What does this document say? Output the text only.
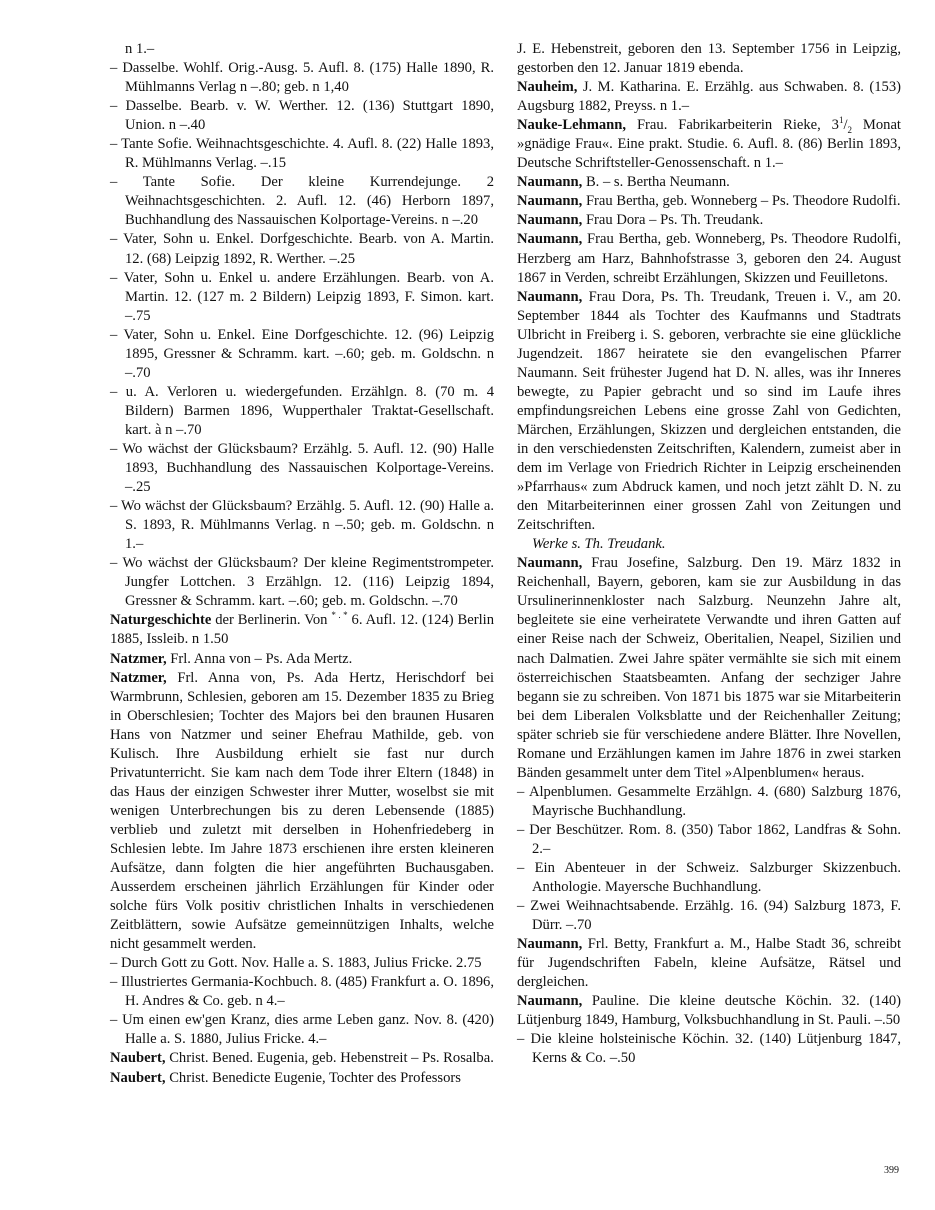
n 1.–

– Dasselbe. Wohlf. Orig.-Ausg. 5. Aufl. 8. (175) Halle 1890, R. Mühlmanns Verlag n –.80; geb. n 1,40

– Dasselbe. Bearb. v. W. Werther. 12. (136) Stuttgart 1890, Union. n –.40

– Tante Sofie. Weihnachtsgeschichte. 4. Aufl. 8. (22) Halle 1893, R. Mühlmanns Verlag. –.15

– Tante Sofie. Der kleine Kurrendejunge. 2 Weihnachtsgeschichten. 2. Aufl. 12. (46) Herborn 1897, Buchhandlung des Nassauischen Kolportage-Vereins. n –.20

– Vater, Sohn u. Enkel. Dorfgeschichte. Bearb. von A. Martin. 12. (68) Leipzig 1892, R. Werther. –.25

– Vater, Sohn u. Enkel u. andere Erzählungen. Bearb. von A. Martin. 12. (127 m. 2 Bildern) Leipzig 1893, F. Simon. kart. –.75

– Vater, Sohn u. Enkel. Eine Dorfgeschichte. 12. (96) Leipzig 1895, Gressner & Schramm. kart. –.60; geb. m. Goldschn. n –.70

– u. A. Verloren u. wiedergefunden. Erzählgn. 8. (70 m. 4 Bildern) Barmen 1896, Wupperthaler Traktat-Gesellschaft. kart. à n –.70

– Wo wächst der Glücksbaum? Erzählg. 5. Aufl. 12. (90) Halle 1893, Buchhandlung des Nassauischen Kolportage-Vereins. –.25

– Wo wächst der Glücksbaum? Erzählg. 5. Aufl. 12. (90) Halle a. S. 1893, R. Mühlmanns Verlag. n –.50; geb. m. Goldschn. n 1.–

– Wo wächst der Glücksbaum? Der kleine Regimentstrompeter. Jungfer Lottchen. 3 Erzählgn. 12. (116) Leipzig 1894, Gressner & Schramm. kart. –.60; geb. m. Goldschn. –.70

Naturgeschichte der Berlinerin. Von * . * 6. Aufl. 12. (124) Berlin 1885, Issleib. n 1.50

Natzmer, Frl. Anna von – Ps. Ada Mertz.

Natzmer, Frl. Anna von, Ps. Ada Hertz, Herischdorf bei Warmbrunn, Schlesien, geboren am 15. Dezember 1835 zu Brieg in Oberschlesien; Tochter des Majors bei den braunen Husaren Hans von Natzmer und seiner Ehefrau Mathilde, geb. von Kulisch. Ihre Ausbildung erhielt sie fast nur durch Privatunterricht. Sie kam nach dem Tode ihrer Eltern (1848) in das Haus der einzigen Schwester ihrer Mutter, woselbst sie mit wenigen Unterbrechungen bis zu deren Lebensende (1885) verblieb und zuletzt mit derselben in Hohenfriedeberg in Schlesien lebte. Im Jahre 1873 erschienen ihre ersten kleineren Aufsätze, dann folgten die hier angeführten Buchausgaben. Ausserdem erscheinen jährlich Erzählungen für Kinder oder solche fürs Volk positiv christlichen Inhalts in verschiedenen Zeitblättern, sowie Aufsätze gemeinnützigen Inhalts, welche nicht gesammelt werden.

– Durch Gott zu Gott. Nov. Halle a. S. 1883, Julius Fricke. 2.75

– Illustriertes Germania-Kochbuch. 8. (485) Frankfurt a. O. 1896, H. Andres & Co. geb. n 4.–

– Um einen ew'gen Kranz, dies arme Leben ganz. Nov. 8. (420) Halle a. S. 1880, Julius Fricke. 4.–

Naubert, Christ. Bened. Eugenia, geb. Hebenstreit – Ps. Rosalba.

Naubert, Christ. Benedicte Eugenie, Tochter des Professors

J. E. Hebenstreit, geboren den 13. September 1756 in Leipzig, gestorben den 12. Januar 1819 ebenda.

Nauheim, J. M. Katharina. E. Erzählg. aus Schwaben. 8. (153) Augsburg 1882, Preyss. n 1.–

Nauke-Lehmann, Frau. Fabrikarbeiterin Rieke, $3^1/_2$ Monat »gnädige Frau«. Eine prakt. Studie. 6. Aufl. 8. (86) Berlin 1893, Deutsche Schriftsteller-Genossenschaft. n 1.–

Naumann, B. – s. Bertha Neumann.

Naumann, Frau Bertha, geb. Wonneberg – Ps. Theodore Rudolfi.

Naumann, Frau Dora – Ps. Th. Treudank.

Naumann, Frau Bertha, geb. Wonneberg, Ps. Theodore Rudolfi, Herzberg am Harz, Bahnhofstrasse 3, geboren den 24. August 1867 in Verden, schreibt Erzählungen, Skizzen und Feuilletons.

Naumann, Frau Dora, Ps. Th. Treudank, Treuen i. V., am 20. September 1844 als Tochter des Kaufmanns und Stadtrats Ulbricht in Freiberg i. S. geboren, verbrachte sie eine glückliche Jugendzeit. 1867 heiratete sie den evangelischen Pfarrer Naumann. Seit frühester Jugend hat D. N. alles, was ihr Inneres bewegte, zu Papier gebracht und so sind im Laufe ihres empfindungsreichen Lebens eine grosse Zahl von Gedichten, Märchen, Erzählungen, Skizzen und dergleichen entstanden, die in den verschiedensten Zeitschriften, Kalendern, zumeist aber in dem im Verlage von Friedrich Richter in Leipzig erscheinenden »Pfarrhaus« zum Abdruck kamen, und noch jetzt zählt D. N. zu den Mitarbeiterinnen einer grossen Zahl von Zeitungen und Zeitschriften.

Werke s. Th. Treudank.

Naumann, Frau Josefine, Salzburg. Den 19. März 1832 in Reichenhall, Bayern, geboren, kam sie zur Ausbildung in das Ursulinerinnenkloster nach Salzburg. Neunzehn Jahre alt, begleitete sie eine verheiratete Verwandte und ihren Gatten auf einer Reise nach der Schweiz, Oberitalien, Neapel, Sizilien und nach Dalmatien. Zwei Jahre später vermählte sie sich mit einem österreichischen Staatsbeamten. Anfang der sechziger Jahre begann sie zu schreiben. Von 1871 bis 1875 war sie Mitarbeiterin bei dem Liberalen Volksblatte und der Reichenhaller Zeitung; später schrieb sie für verschiedene andere Blätter. Ihre Novellen, Romane und Erzählungen kamen im Jahre 1876 in zwei starken Bänden gesammelt unter dem Titel »Alpenblumen« heraus.

– Alpenblumen. Gesammelte Erzählgn. 4. (680) Salzburg 1876, Mayrische Buchhandlung.

– Der Beschützer. Rom. 8. (350) Tabor 1862, Landfras & Sohn. 2.–

– Ein Abenteuer in der Schweiz. Salzburger Skizzenbuch. Anthologie. Mayersche Buchhandlung.

– Zwei Weihnachtsabende. Erzählg. 16. (94) Salzburg 1873, F. Dürr. –.70

Naumann, Frl. Betty, Frankfurt a. M., Halbe Stadt 36, schreibt für Jugendschriften Fabeln, kleine Aufsätze, Rätsel und dergleichen.

Naumann, Pauline. Die kleine deutsche Köchin. 32. (140) Lütjenburg 1849, Hamburg, Volksbuchhandlung in St. Pauli. –.50

– Die kleine holsteinische Köchin. 32. (140) Lütjenburg 1847, Kerns & Co. –.50

399
